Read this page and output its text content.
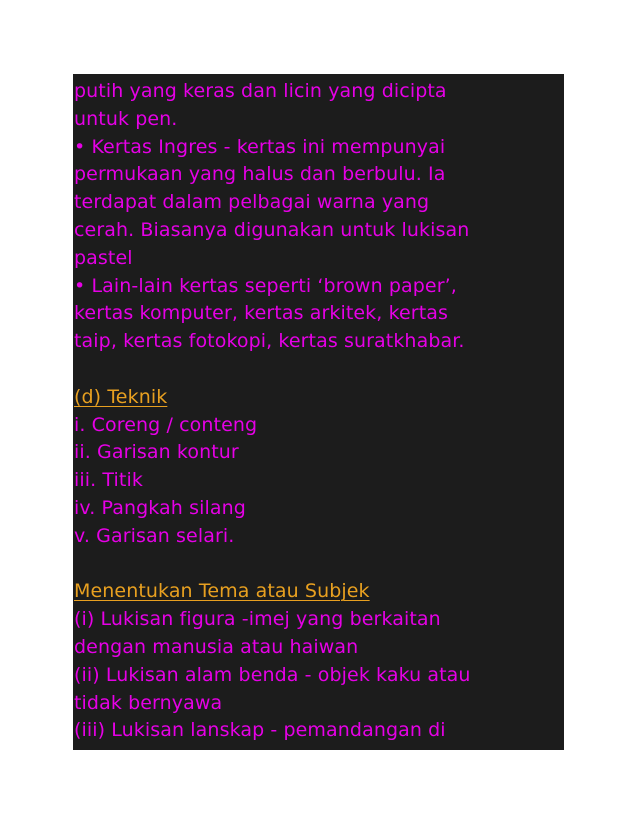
putih yang keras dan licin yang dicipta

untuk pen.

• Kertas Ingres - kertas ini mempunyai

permukaan yang halus dan berbulu. Ia

terdapat dalam pelbagai warna yang

cerah. Biasanya digunakan untuk lukisan

pastel

• Lain-lain kertas seperti ‘brown paper’,

kertas komputer, kertas arkitek, kertas

taip, kertas fotokopi, kertas suratkhabar.

(d) Teknik

i. Coreng / conteng

ii. Garisan kontur

iii. Titik

iv. Pangkah silang

v. Garisan selari.

Menentukan Tema atau Subjek

(i) Lukisan figura -imej yang berkaitan

dengan manusia atau haiwan

(ii) Lukisan alam benda - objek kaku atau

tidak bernyawa

(iii) Lukisan lanskap - pemandangan di
